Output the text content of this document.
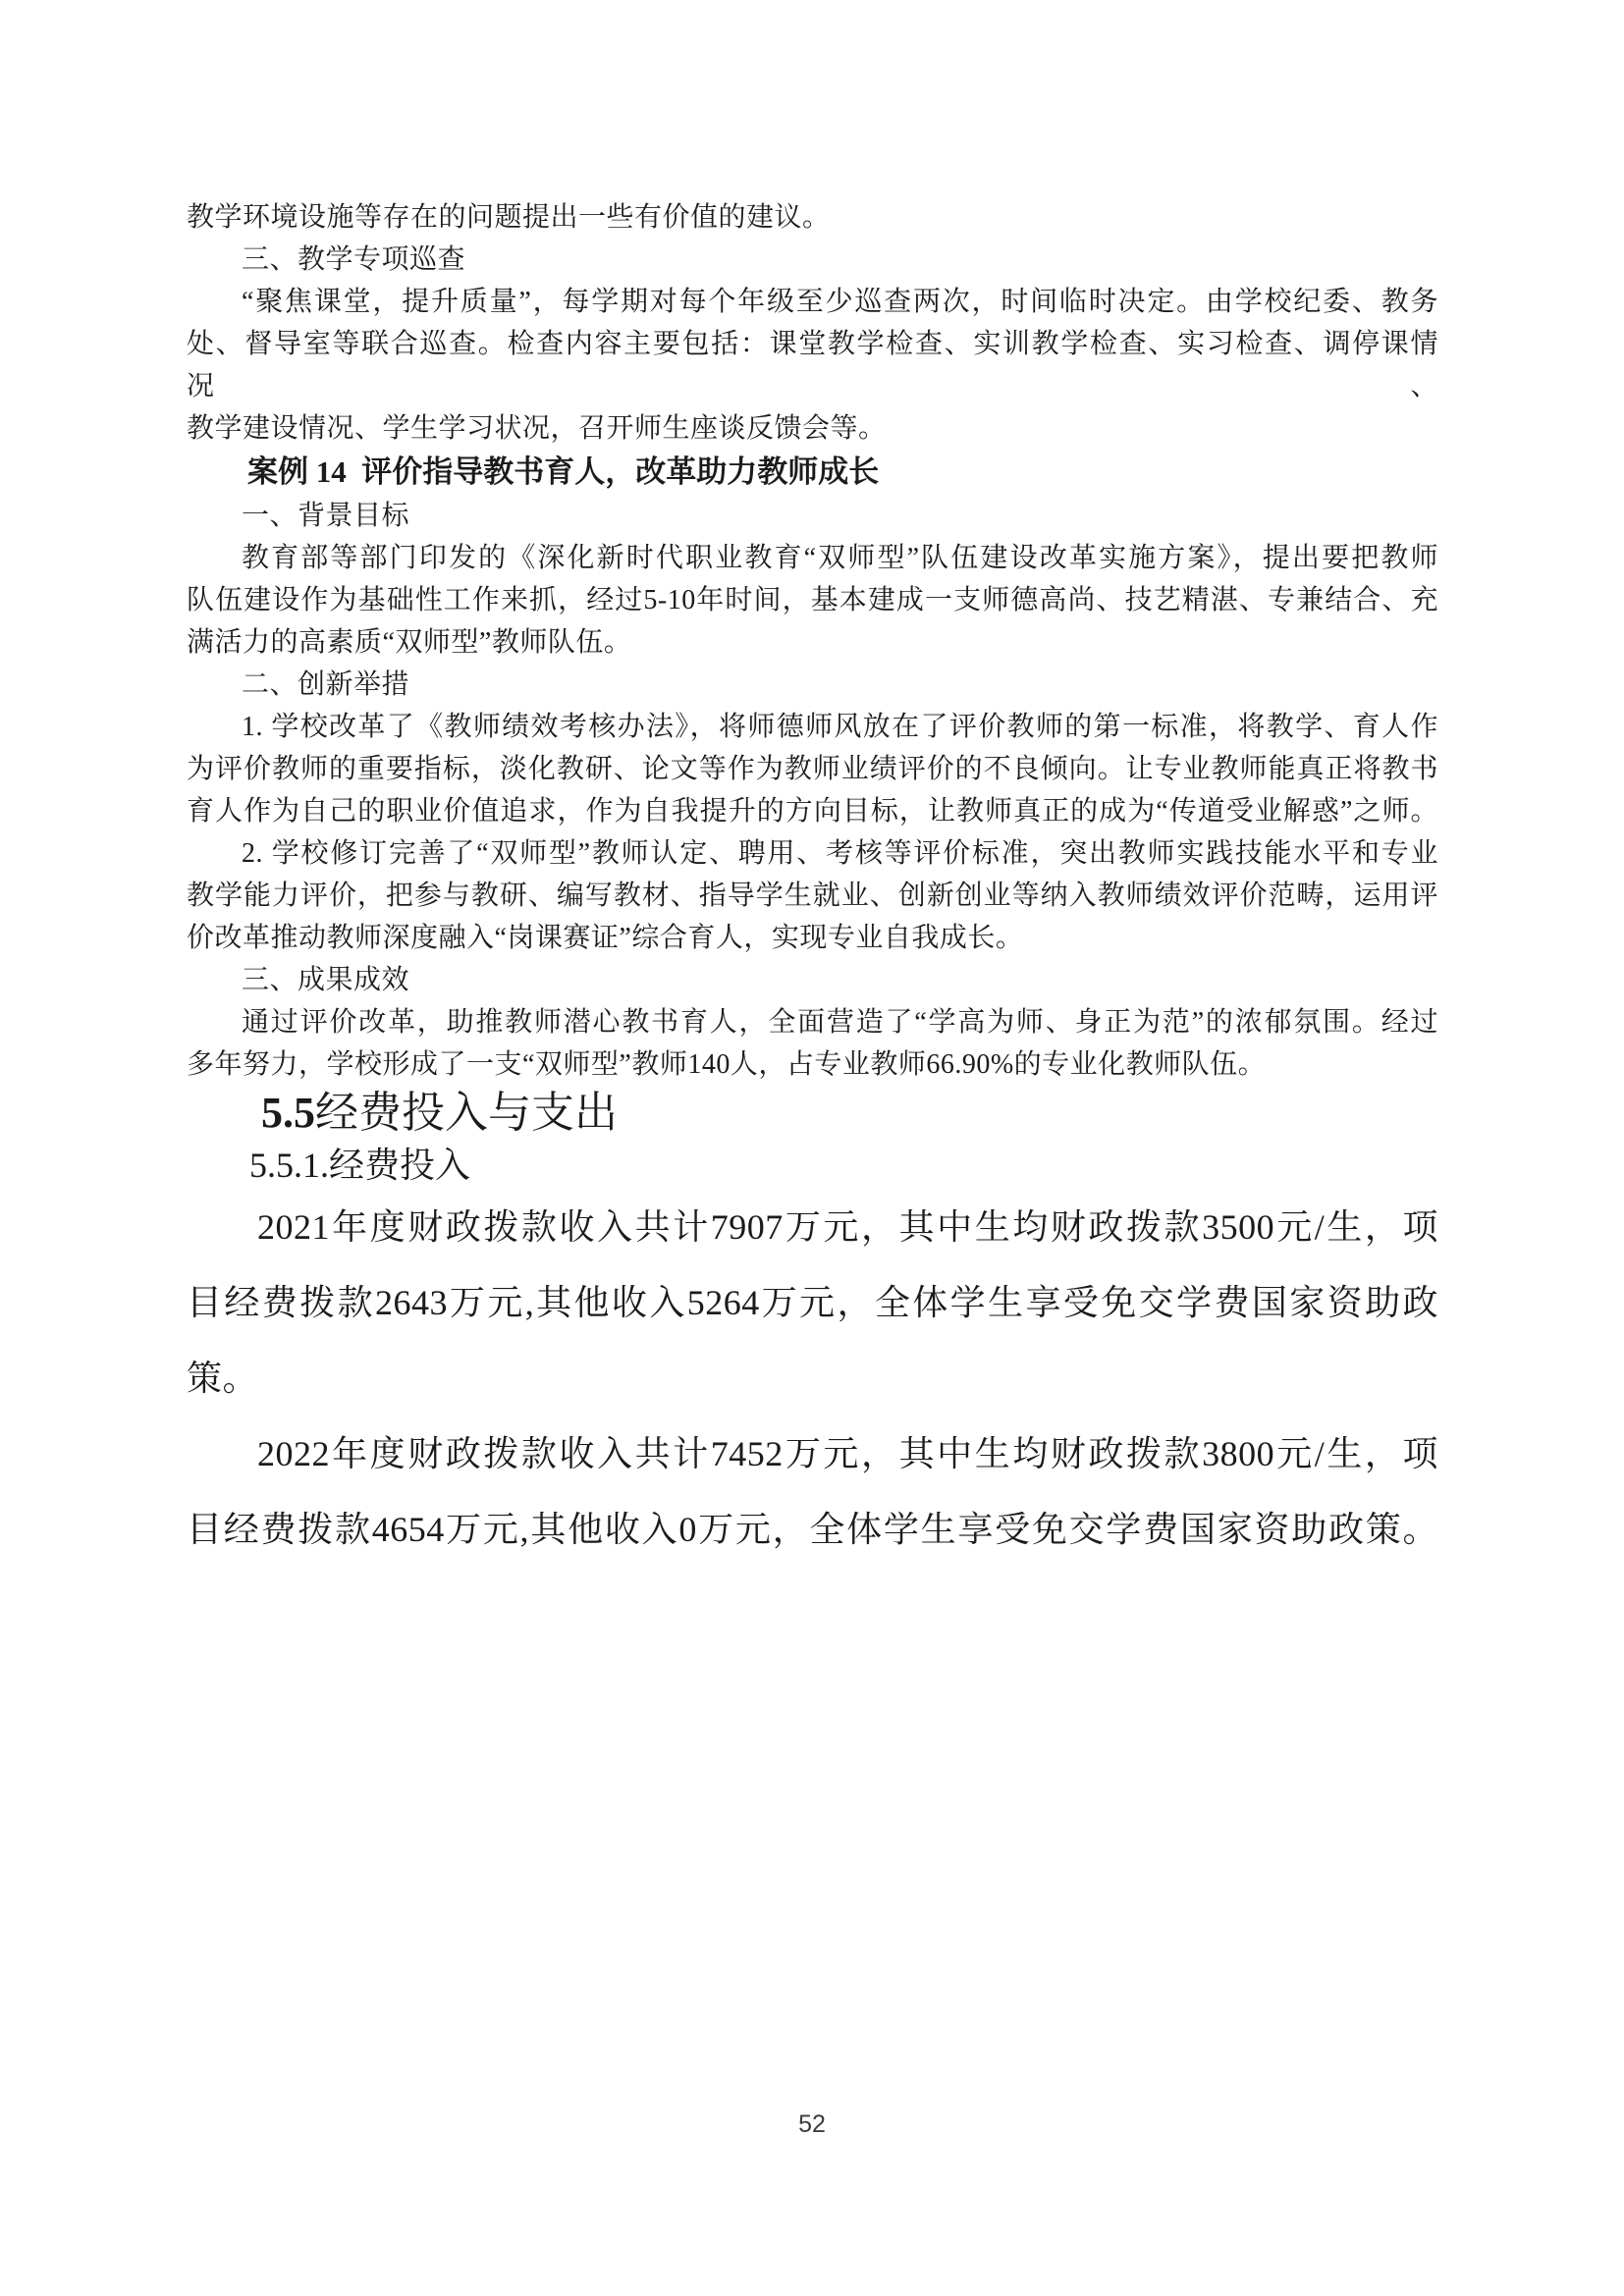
教学环境设施等存在的问题提出一些有价值的建议。

三、教学专项巡查

“聚焦课堂，提升质量”，每学期对每个年级至少巡查两次，时间临时决定。由学校纪委、教务

处、督导室等联合巡查。检查内容主要包括：课堂教学检查、实训教学检查、实习检查、调停课情况、

教学建设情况、学生学习状况，召开师生座谈反馈会等。

案例 14  评价指导教书育人，改革助力教师成长

一、背景目标

教育部等部门印发的《深化新时代职业教育“双师型”队伍建设改革实施方案》，提出要把教师

队伍建设作为基础性工作来抓，经过5-10年时间，基本建成一支师德高尚、技艺精湛、专兼结合、充

满活力的高素质“双师型”教师队伍。

二、创新举措

1. 学校改革了《教师绩效考核办法》，将师德师风放在了评价教师的第一标准，将教学、育人作

为评价教师的重要指标，淡化教研、论文等作为教师业绩评价的不良倾向。让专业教师能真正将教书

育人作为自己的职业价值追求，作为自我提升的方向目标，让教师真正的成为“传道受业解惑”之师。

2. 学校修订完善了“双师型”教师认定、聘用、考核等评价标准，突出教师实践技能水平和专业

教学能力评价，把参与教研、编写教材、指导学生就业、创新创业等纳入教师绩效评价范畴，运用评

价改革推动教师深度融入“岗课赛证”综合育人，实现专业自我成长。

三、成果成效

通过评价改革，助推教师潜心教书育人，全面营造了“学高为师、身正为范”的浓郁氛围。经过

多年努力，学校形成了一支“双师型”教师140人，占专业教师66.90%的专业化教师队伍。

5.5经费投入与支出
5.5.1.经费投入

2021年度财政拨款收入共计7907万元，其中生均财政拨款3500元/生，项

目经费拨款2643万元,其他收入5264万元，全体学生享受免交学费国家资助政

策。

2022年度财政拨款收入共计7452万元，其中生均财政拨款3800元/生，项

目经费拨款4654万元,其他收入0万元，全体学生享受免交学费国家资助政策。

52
